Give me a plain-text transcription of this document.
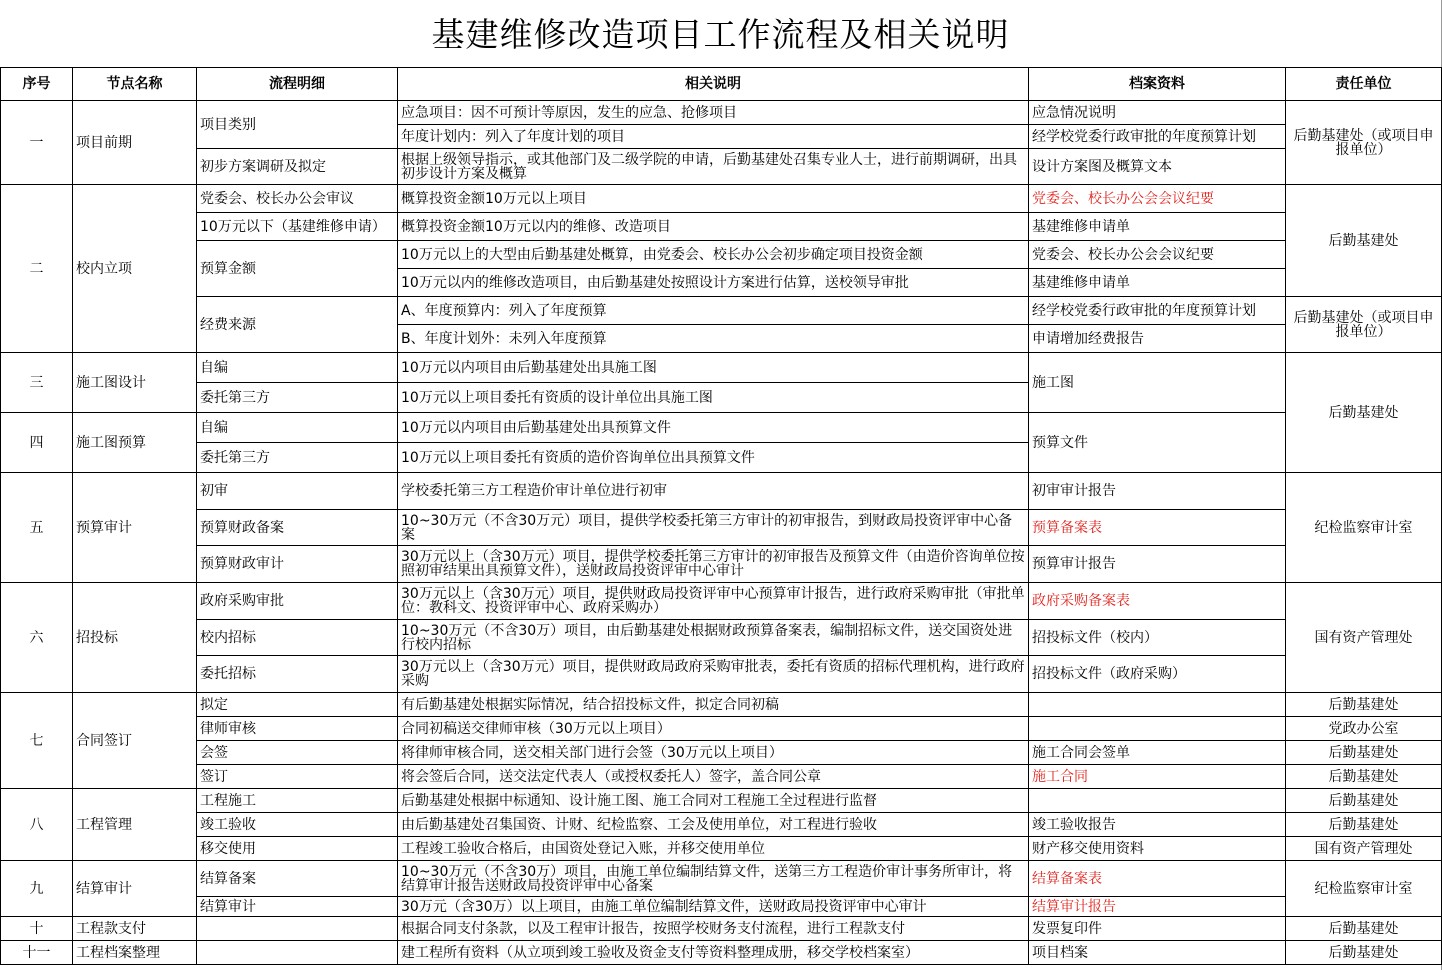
基建维修改造项目工作流程及相关说明
序号	节点名称	流程明细	相关说明	档案资料	责任单位
一	项目前期	项目类别	应急项目：因不可预计等原因，发生的应急、抢修项目	应急情况说明	后勤基建处（或项目申报单位）
			年度计划内：列入了年度计划的项目	经学校党委行政审批的年度预算计划	
		初步方案调研及拟定	根据上级领导指示，或其他部门及二级学院的申请，后勤基建处召集专业人士，进行前期调研，出具初步设计方案及概算	设计方案图及概算文本	
二	校内立项	党委会、校长办公会审议	概算投资金额10万元以上项目	党委会、校长办公会会议纪要	后勤基建处
		10万元以下（基建维修申请）	概算投资金额10万元以内的维修、改造项目	基建维修申请单	
		预算金额	10万元以上的大型由后勤基建处概算，由党委会、校长办公会初步确定项目投资金额	党委会、校长办公会会议纪要	
			10万元以内的维修改造项目，由后勤基建处按照设计方案进行估算，送校领导审批	基建维修申请单	
		经费来源	A、年度预算内：列入了年度预算	经学校党委行政审批的年度预算计划	后勤基建处（或项目申报单位）
			B、年度计划外：未列入年度预算	申请增加经费报告	
三	施工图设计	自编	10万元以内项目由后勤基建处出具施工图	施工图	后勤基建处
		委托第三方	10万元以上项目委托有资质的设计单位出具施工图		
四	施工图预算	自编	10万元以内项目由后勤基建处出具预算文件	预算文件	
		委托第三方	10万元以上项目委托有资质的造价咨询单位出具预算文件		
五	预算审计	初审	学校委托第三方工程造价审计单位进行初审	初审审计报告	纪检监察审计室
		预算财政备案	10~30万元（不含30万元）项目，提供学校委托第三方审计的初审报告，到财政局投资评审中心备案	预算备案表	
		预算财政审计	30万元以上（含30万元）项目，提供学校委托第三方审计的初审报告及预算文件（由造价咨询单位按照初审结果出具预算文件），送财政局投资评审中心审计	预算审计报告	
六	招投标	政府采购审批	30万元以上（含30万元）项目，提供财政局投资评审中心预算审计报告，进行政府采购审批（审批单位：教科文、投资评审中心、政府采购办）	政府采购备案表	国有资产管理处
		校内招标	10~30万元（不含30万）项目，由后勤基建处根据财政预算备案表，编制招标文件，送交国资处进行校内招标	招投标文件（校内）	
		委托招标	30万元以上（含30万元）项目，提供财政局政府采购审批表，委托有资质的招标代理机构，进行政府采购	招投标文件（政府采购）	
七	合同签订	拟定	有后勤基建处根据实际情况，结合招投标文件，拟定合同初稿		后勤基建处
		律师审核	合同初稿送交律师审核（30万元以上项目）		党政办公室
		会签	将律师审核合同，送交相关部门进行会签（30万元以上项目）	施工合同会签单	后勤基建处
		签订	将会签后合同，送交法定代表人（或授权委托人）签字，盖合同公章	施工合同	后勤基建处
八	工程管理	工程施工	后勤基建处根据中标通知、设计施工图、施工合同对工程施工全过程进行监督		后勤基建处
		竣工验收	由后勤基建处召集国资、计财、纪检监察、工会及使用单位，对工程进行验收	竣工验收报告	后勤基建处
		移交使用	工程竣工验收合格后，由国资处登记入账，并移交使用单位	财产移交使用资料	国有资产管理处
九	结算审计	结算备案	10~30万元（不含30万）项目，由施工单位编制结算文件，送第三方工程造价审计事务所审计，将结算审计报告送财政局投资评审中心备案	结算备案表	纪检监察审计室
		结算审计	30万元（含30万）以上项目，由施工单位编制结算文件，送财政局投资评审中心审计	结算审计报告	
十	工程款支付		根据合同支付条款，以及工程审计报告，按照学校财务支付流程，进行工程款支付	发票复印件	后勤基建处
十一	工程档案整理		建工程所有资料（从立项到竣工验收及资金支付等资料整理成册，移交学校档案室）	项目档案	后勤基建处
